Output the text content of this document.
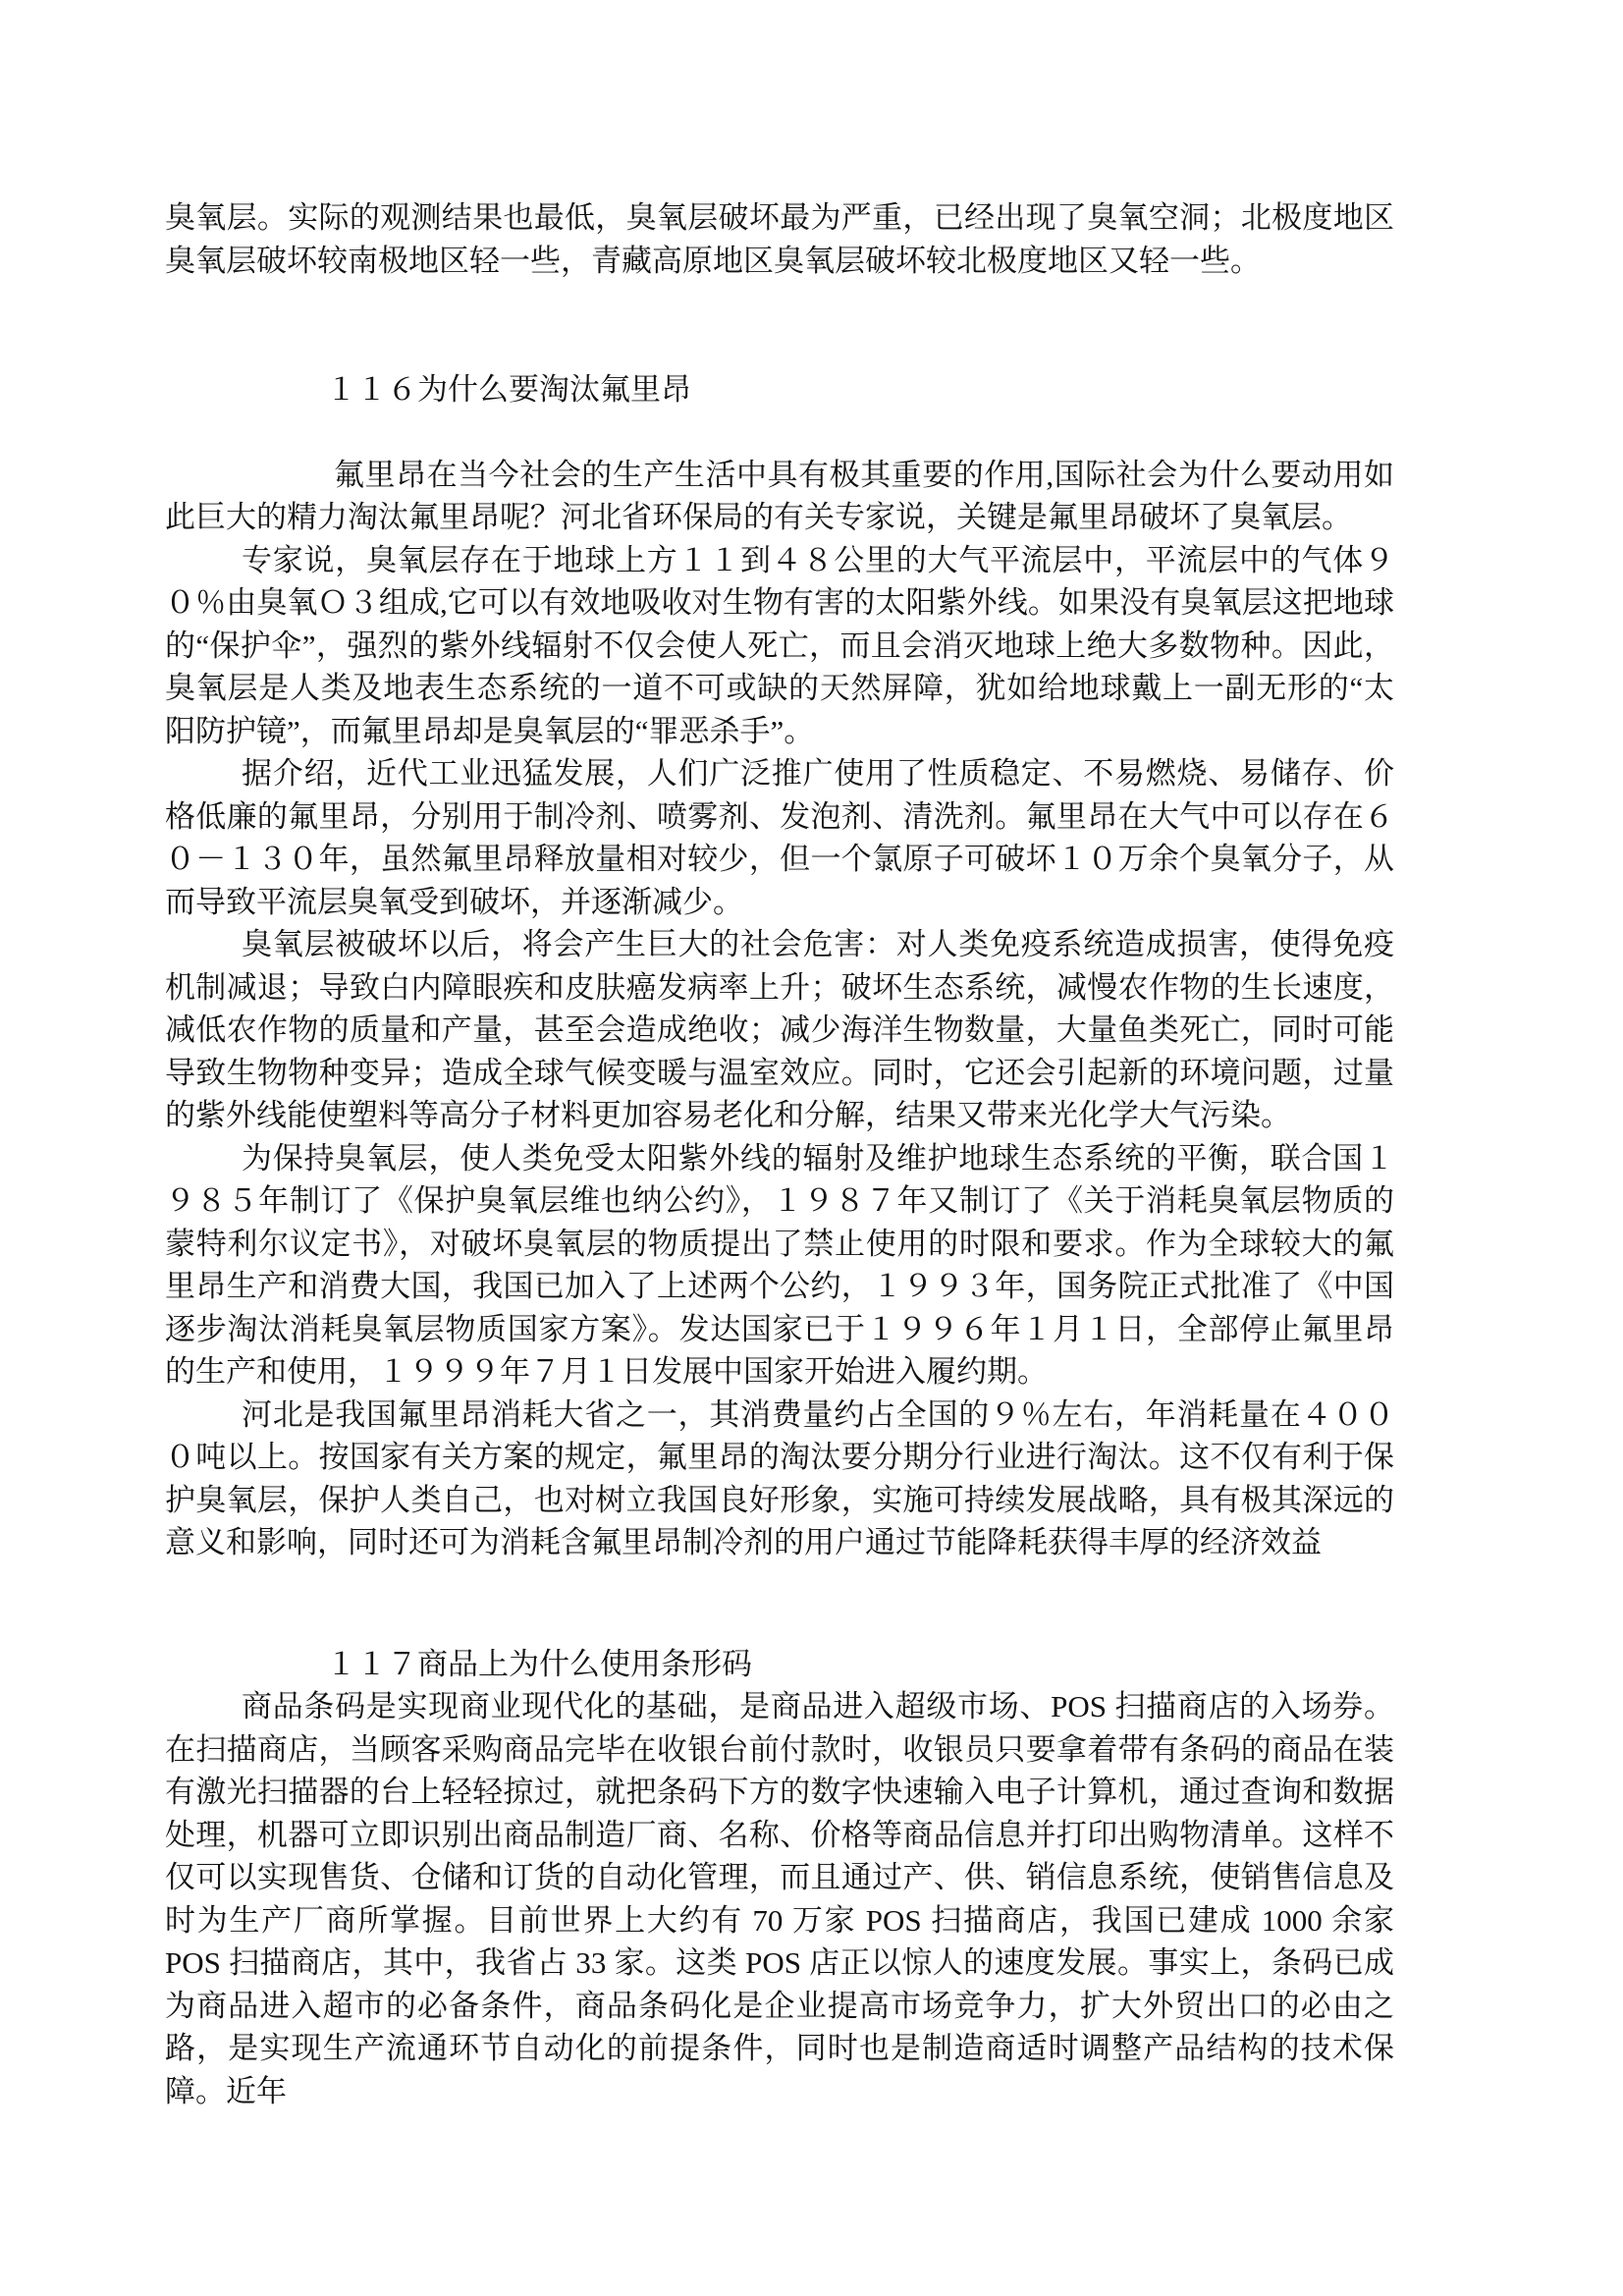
臭氧层。实际的观测结果也最低，臭氧层破坏最为严重，已经出现了臭氧空洞；北极度地区臭氧层破坏较南极地区轻一些，青藏高原地区臭氧层破坏较北极度地区又轻一些。

１１６为什么要淘汰氟里昂

氟里昂在当今社会的生产生活中具有极其重要的作用,国际社会为什么要动用如此巨大的精力淘汰氟里昂呢？河北省环保局的有关专家说，关键是氟里昂破坏了臭氧层。

专家说，臭氧层存在于地球上方１１到４８公里的大气平流层中，平流层中的气体９０％由臭氧Ｏ３组成,它可以有效地吸收对生物有害的太阳紫外线。如果没有臭氧层这把地球的“保护伞”，强烈的紫外线辐射不仅会使人死亡，而且会消灭地球上绝大多数物种。因此，臭氧层是人类及地表生态系统的一道不可或缺的天然屏障，犹如给地球戴上一副无形的“太阳防护镜”，而氟里昂却是臭氧层的“罪恶杀手”。

据介绍，近代工业迅猛发展，人们广泛推广使用了性质稳定、不易燃烧、易储存、价格低廉的氟里昂，分别用于制冷剂、喷雾剂、发泡剂、清洗剂。氟里昂在大气中可以存在６０－１３０年，虽然氟里昂释放量相对较少，但一个氯原子可破坏１０万余个臭氧分子，从而导致平流层臭氧受到破坏，并逐渐减少。

臭氧层被破坏以后，将会产生巨大的社会危害：对人类免疫系统造成损害，使得免疫机制减退；导致白内障眼疾和皮肤癌发病率上升；破坏生态系统，减慢农作物的生长速度，减低农作物的质量和产量，甚至会造成绝收；减少海洋生物数量，大量鱼类死亡，同时可能导致生物物种变异；造成全球气候变暖与温室效应。同时，它还会引起新的环境问题，过量的紫外线能使塑料等高分子材料更加容易老化和分解，结果又带来光化学大气污染。

为保持臭氧层，使人类免受太阳紫外线的辐射及维护地球生态系统的平衡，联合国１９８５年制订了《保护臭氧层维也纳公约》，１９８７年又制订了《关于消耗臭氧层物质的蒙特利尔议定书》，对破坏臭氧层的物质提出了禁止使用的时限和要求。作为全球较大的氟里昂生产和消费大国，我国已加入了上述两个公约，１９９３年，国务院正式批准了《中国逐步淘汰消耗臭氧层物质国家方案》。发达国家已于１９９６年１月１日，全部停止氟里昂的生产和使用，１９９９年７月１日发展中国家开始进入履约期。

河北是我国氟里昂消耗大省之一，其消费量约占全国的９％左右，年消耗量在４０００吨以上。按国家有关方案的规定，氟里昂的淘汰要分期分行业进行淘汰。这不仅有利于保护臭氧层，保护人类自己，也对树立我国良好形象，实施可持续发展战略，具有极其深远的意义和影响，同时还可为消耗含氟里昂制冷剂的用户通过节能降耗获得丰厚的经济效益

１１７商品上为什么使用条形码

商品条码是实现商业现代化的基础，是商品进入超级市场、POS 扫描商店的入场券。在扫描商店，当顾客采购商品完毕在收银台前付款时，收银员只要拿着带有条码的商品在装有激光扫描器的台上轻轻掠过，就把条码下方的数字快速输入电子计算机，通过查询和数据处理，机器可立即识别出商品制造厂商、名称、价格等商品信息并打印出购物清单。这样不仅可以实现售货、仓储和订货的自动化管理，而且通过产、供、销信息系统，使销售信息及时为生产厂商所掌握。目前世界上大约有 70 万家 POS 扫描商店，我国已建成 1000 余家 POS 扫描商店，其中，我省占 33 家。这类 POS 店正以惊人的速度发展。事实上，条码已成为商品进入超市的必备条件，商品条码化是企业提高市场竞争力，扩大外贸出口的必由之路，是实现生产流通环节自动化的前提条件，同时也是制造商适时调整产品结构的技术保障。近年
